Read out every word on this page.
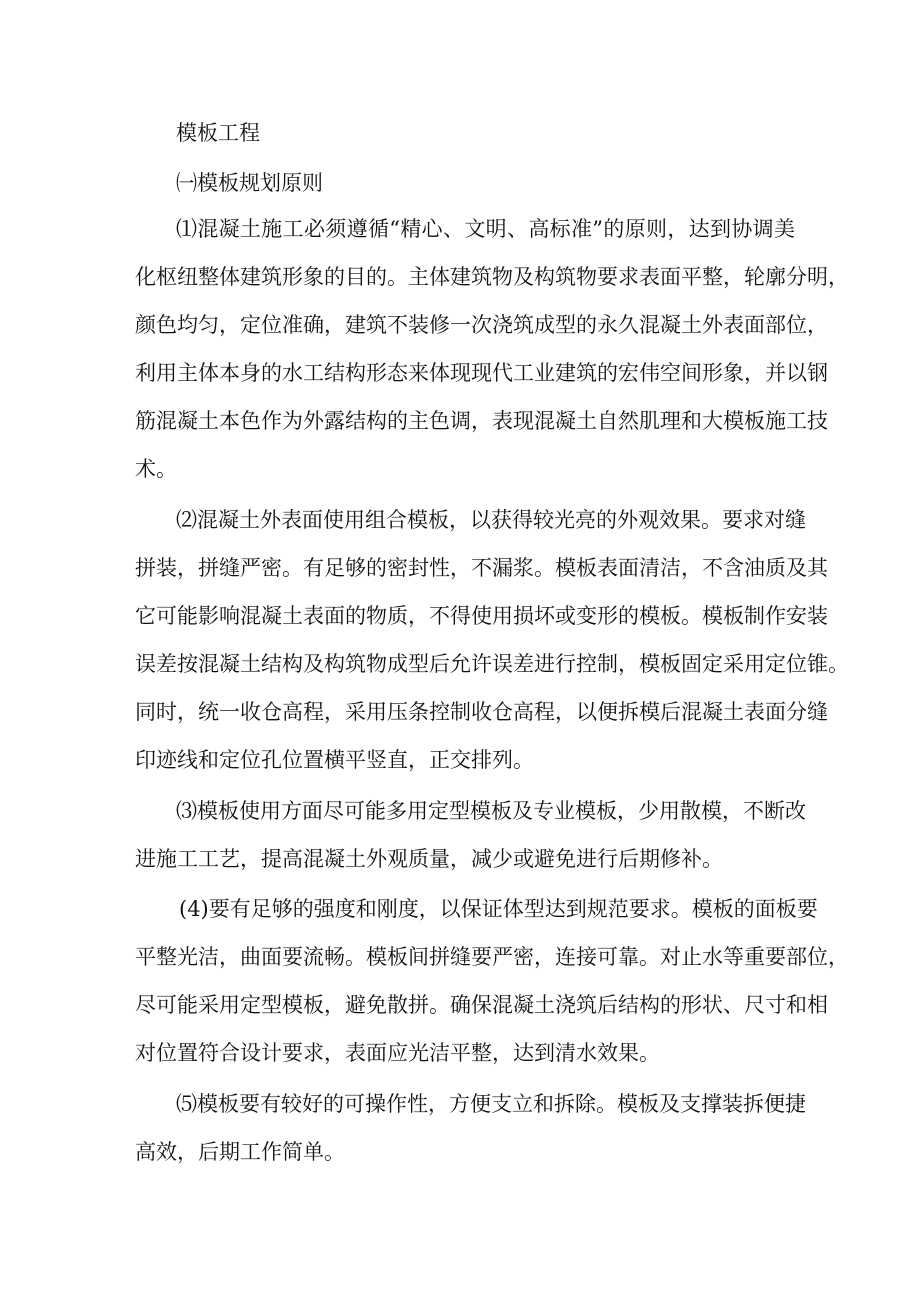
模板工程
㈠模板规划原则
⑴混凝土施工必须遵循“精心、文明、高标准”的原则，达到协调美
化枢纽整体建筑形象的目的。主体建筑物及构筑物要求表面平整，轮廓分明，
颜色均匀，定位准确，建筑不装修一次浇筑成型的永久混凝土外表面部位，
利用主体本身的水工结构形态来体现现代工业建筑的宏伟空间形象，并以钢
筋混凝土本色作为外露结构的主色调，表现混凝土自然肌理和大模板施工技
术。
⑵混凝土外表面使用组合模板，以获得较光亮的外观效果。要求对缝
拼装，拼缝严密。有足够的密封性，不漏浆。模板表面清洁，不含油质及其
它可能影响混凝土表面的物质，不得使用损坏或变形的模板。模板制作安装
误差按混凝土结构及构筑物成型后允许误差进行控制，模板固定采用定位锥。
同时，统一收仓高程，采用压条控制收仓高程，以便拆模后混凝土表面分缝
印迹线和定位孔位置横平竖直，正交排列。
⑶模板使用方面尽可能多用定型模板及专业模板，少用散模，不断改
进施工工艺，提高混凝土外观质量，减少或避免进行后期修补。
(4)要有足够的强度和刚度，以保证体型达到规范要求。模板的面板要
平整光洁，曲面要流畅。模板间拼缝要严密，连接可靠。对止水等重要部位，
尽可能采用定型模板，避免散拼。确保混凝土浇筑后结构的形状、尺寸和相
对位置符合设计要求，表面应光洁平整，达到清水效果。
⑸模板要有较好的可操作性，方便支立和拆除。模板及支撑装拆便捷
高效，后期工作简单。
